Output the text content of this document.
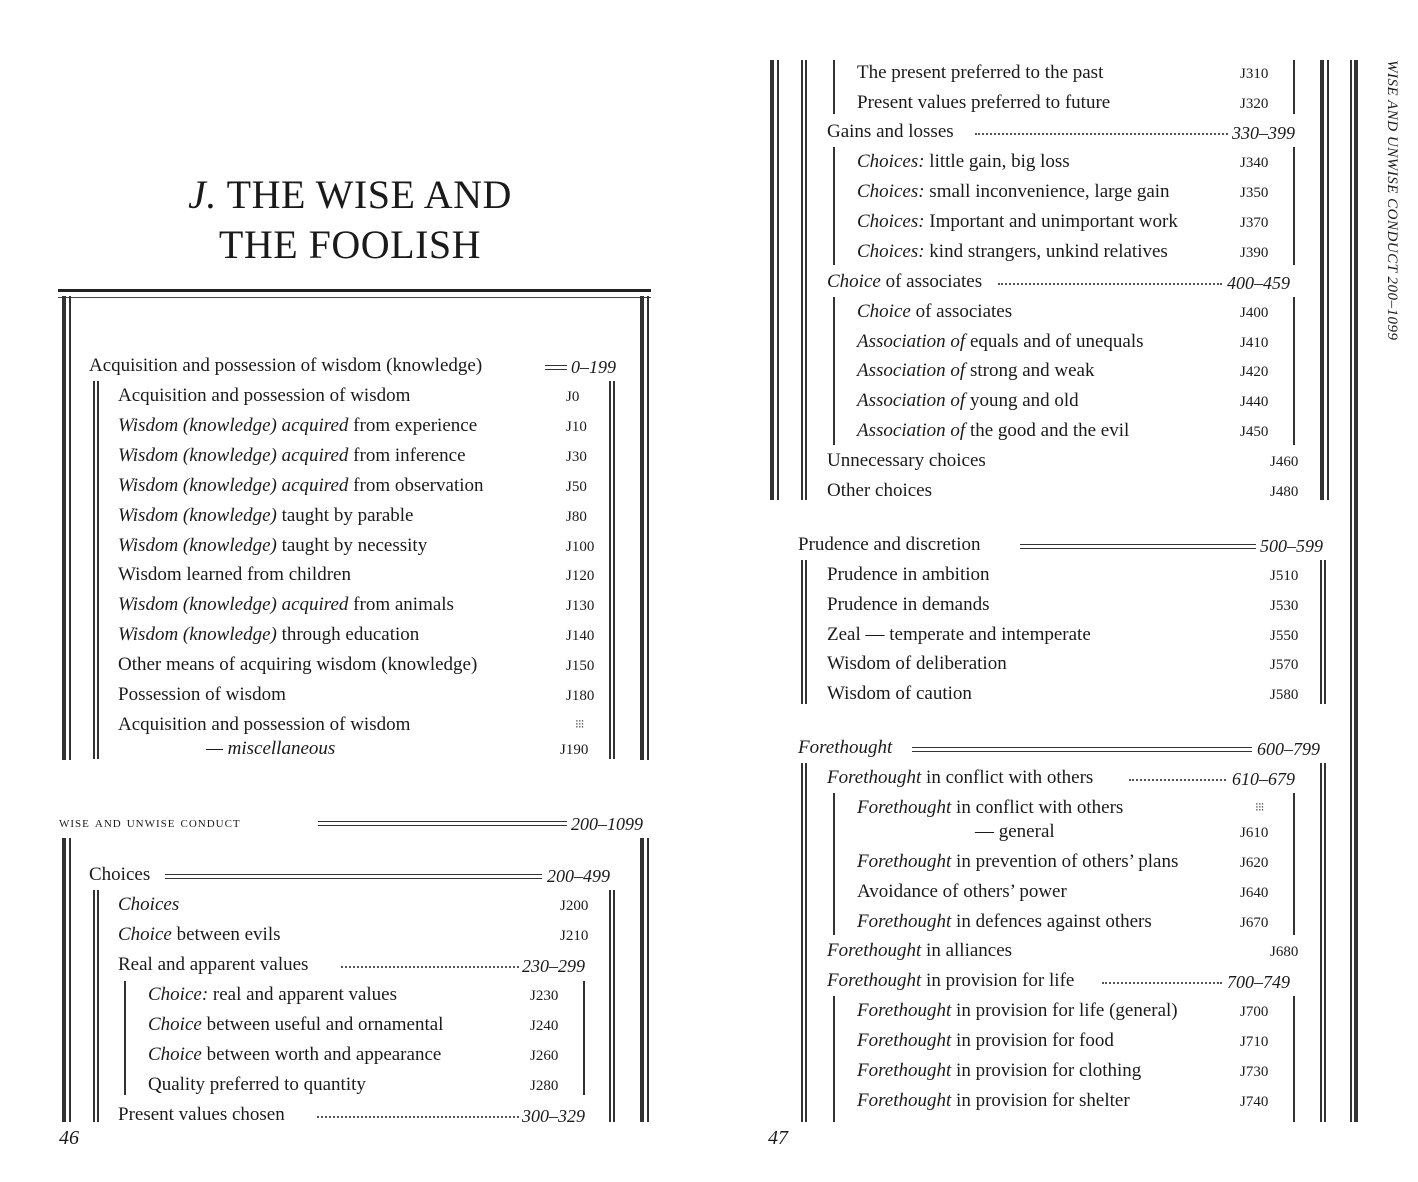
J. THE WISE AND
THE FOOLISH
Acquisition and possession of wisdom (knowledge)	0–199
Acquisition and possession of wisdom	J0
Wisdom (knowledge) acquired from experience	J10
Wisdom (knowledge) acquired from inference	J30
Wisdom (knowledge) acquired from observation	J50
Wisdom (knowledge) taught by parable	J80
Wisdom (knowledge) taught by necessity	J100
Wisdom learned from children	J120
Wisdom (knowledge) acquired from animals	J130
Wisdom (knowledge) through education	J140
Other means of acquiring wisdom (knowledge)	J150
Possession of wisdom	J180
Acquisition and possession of wisdom	⁝⁝⁝
— miscellaneous	J190
wise and unwise conduct	200–1099
Choices	200–499
Choices	J200
Choice between evils	J210
Real and apparent values	230–299
Choice: real and apparent values	J230
Choice between useful and ornamental	J240
Choice between worth and appearance	J260
Quality preferred to quantity	J280
Present values chosen	300–329
46
The present preferred to the past	J310
Present values preferred to future	J320
Gains and losses	330–399
Choices: little gain, big loss	J340
Choices: small inconvenience, large gain	J350
Choices: Important and unimportant work	J370
Choices: kind strangers, unkind relatives	J390
Choice of associates	400–459
Choice of associates	J400
Association of equals and of unequals	J410
Association of strong and weak	J420
Association of young and old	J440
Association of the good and the evil	J450
Unnecessary choices	J460
Other choices	J480
Prudence and discretion	500–599
Prudence in ambition	J510
Prudence in demands	J530
Zeal — temperate and intemperate	J550
Wisdom of deliberation	J570
Wisdom of caution	J580
Forethought	600–799
Forethought in conflict with others	610–679
Forethought in conflict with others	⁝⁝⁝
— general	J610
Forethought in prevention of others’ plans	J620
Avoidance of others’ power	J640
Forethought in defences against others	J670
Forethought in alliances	J680
Forethought in provision for life	700–749
Forethought in provision for life (general)	J700
Forethought in provision for food	J710
Forethought in provision for clothing	J730
Forethought in provision for shelter	J740
47
WISE AND UNWISE CONDUCT 200–1099
